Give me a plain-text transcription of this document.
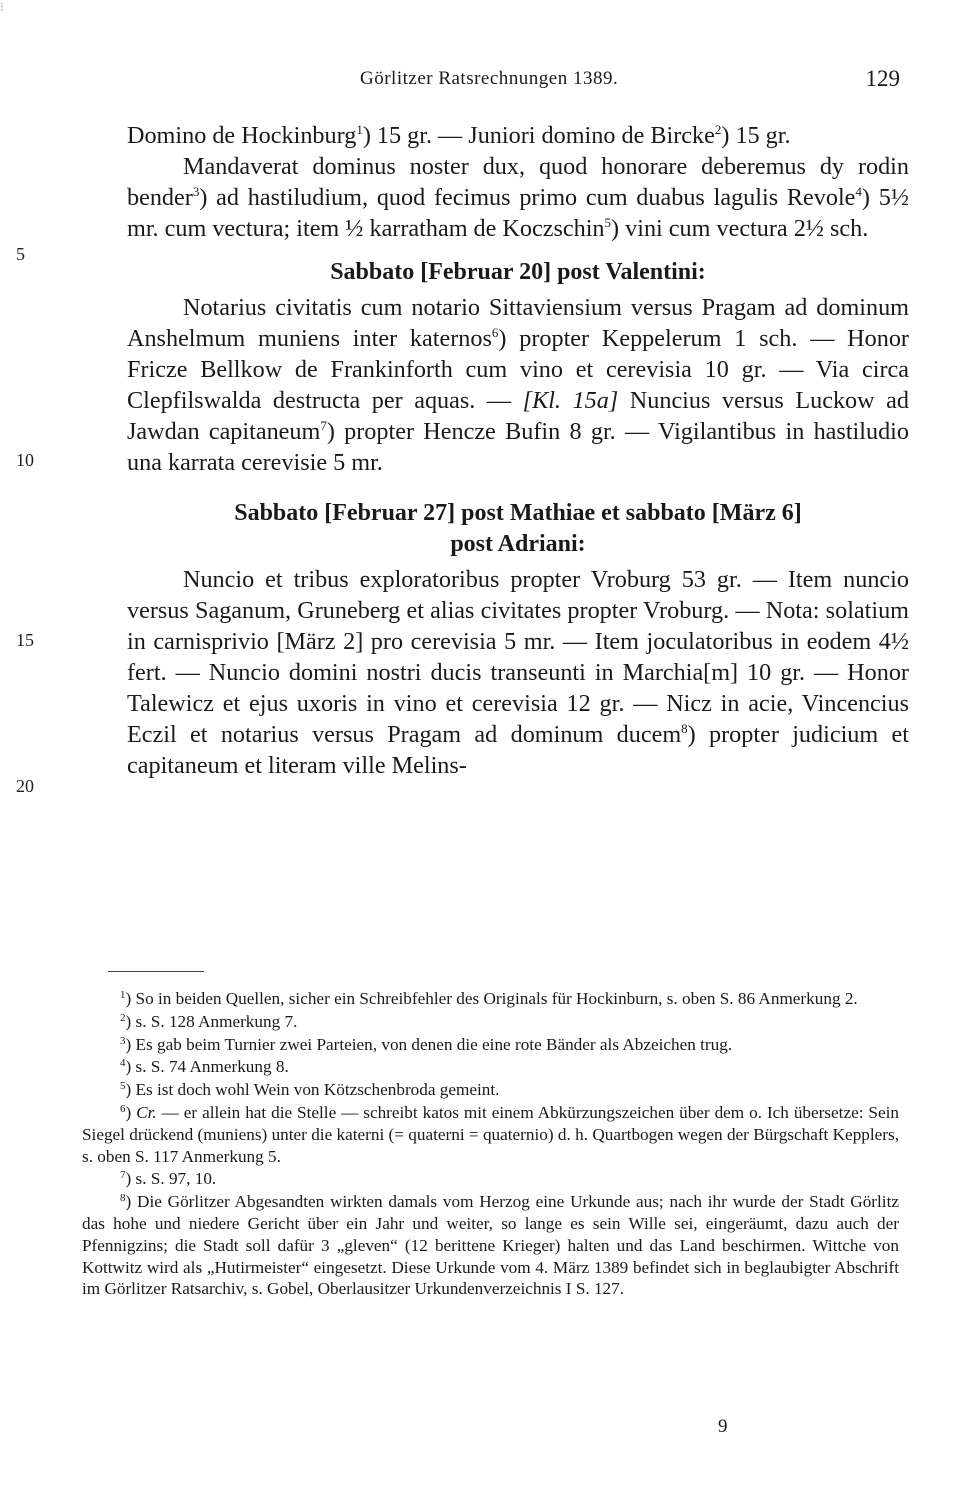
⁝
Görlitzer Ratsrechnungen 1389.	129
5
10
15
20

Domino de Hockinburg$^1$) 15 gr. — Juniori domino de Bircke$^2$) 15 gr.

Mandaverat dominus noster dux, quod honorare deberemus dy rodin bender$^3$) ad hastiludium, quod fecimus primo cum duabus lagulis Revole$^4$) 5½ mr. cum vectura; item ½ karratham de Koczschin$^5$) vini cum vectura 2½ sch.

Sabbato [Februar 20] post Valentini:

Notarius civitatis cum notario Sittaviensium versus Pragam ad dominum Anshelmum muniens inter katernos$^6$) propter Keppelerum 1 sch. — Honor Fricze Bellkow de Frankinforth cum vino et cerevisia 10 gr. — Via circa Clepfilswalda destructa per aquas. — [Kl. 15a] Nuncius versus Luckow ad Jawdan capitaneum$^7$) propter Hencze Bufin 8 gr. — Vigilantibus in hastiludio una karrata cerevisie 5 mr.

Sabbato [Februar 27] post Mathiae et sabbato [März 6]
post Adriani:

Nuncio et tribus exploratoribus propter Vroburg 53 gr. — Item nuncio versus Saganum, Gruneberg et alias civitates propter Vroburg. — Nota: solatium in carnisprivio [März 2] pro cerevisia 5 mr. — Item joculatoribus in eodem 4½ fert. — Nuncio domini nostri ducis transeunti in Marchia[m] 10 gr. — Honor Talewicz et ejus uxoris in vino et cerevisia 12 gr. — Nicz in acie, Vincencius Eczil et notarius versus Pragam ad dominum ducem$^8$) propter judicium et capitaneum et literam ville Melins-

$^1$) So in beiden Quellen, sicher ein Schreibfehler des Originals für Hockinburn, s. oben S. 86 Anmerkung 2.

$^2$) s. S. 128 Anmerkung 7.

$^3$) Es gab beim Turnier zwei Parteien, von denen die eine rote Bänder als Abzeichen trug.

$^4$) s. S. 74 Anmerkung 8.

$^5$) Es ist doch wohl Wein von Kötzschenbroda gemeint.

$^6$) Cr. — er allein hat die Stelle — schreibt katos mit einem Abkürzungszeichen über dem o. Ich übersetze: Sein Siegel drückend (muniens) unter die katerni (= quaterni = quaternio) d. h. Quartbogen wegen der Bürgschaft Kepplers, s. oben S. 117 Anmerkung 5.

$^7$) s. S. 97, 10.

$^8$) Die Görlitzer Abgesandten wirkten damals vom Herzog eine Urkunde aus; nach ihr wurde der Stadt Görlitz das hohe und niedere Gericht über ein Jahr und weiter, so lange es sein Wille sei, eingeräumt, dazu auch der Pfennigzins; die Stadt soll dafür 3 „gleven“ (12 berittene Krieger) halten und das Land beschirmen. Wittche von Kottwitz wird als „Hutirmeister“ eingesetzt. Diese Urkunde vom 4. März 1389 befindet sich in beglaubigter Abschrift im Görlitzer Ratsarchiv, s. Gobel, Oberlausitzer Urkundenverzeichnis I S. 127.

9
